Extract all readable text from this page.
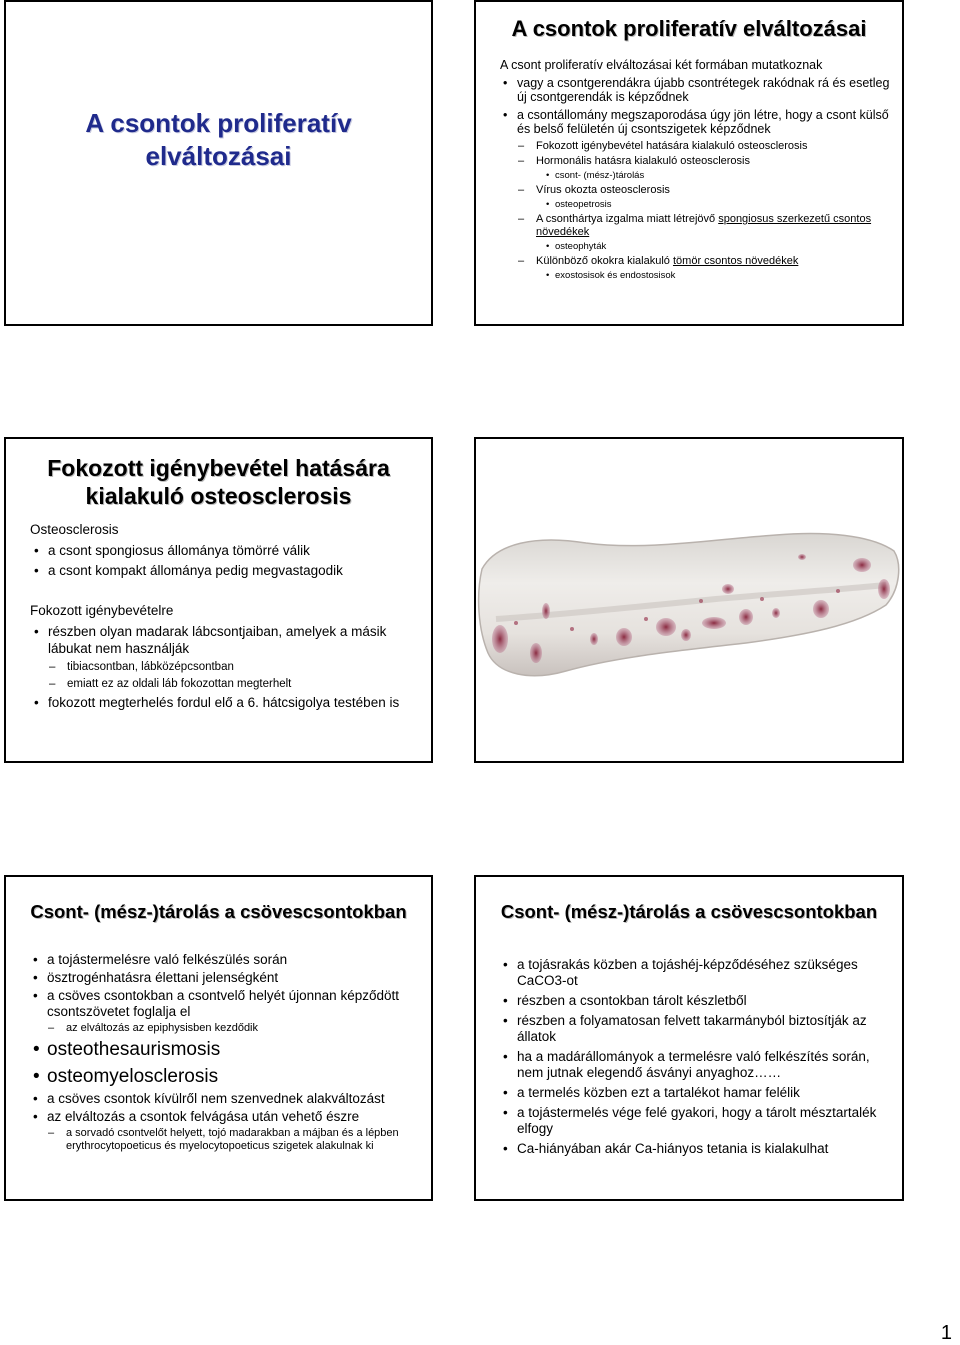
A csontok proliferatív elváltozásai
A csontok proliferatív elváltozásai
A csont proliferatív elváltozásai két formában mutatkoznak
• vagy a csontgerendákra újabb csontrétegek rakódnak rá és esetleg új csontgerendák is képződnek
• a csontállomány megszaporodása úgy jön létre, hogy a csont külső és belső felületén új csontszigetek képződnek
– Fokozott igénybevétel hatására kialakuló osteosclerosis
– Hormonális hatásra kialakuló osteosclerosis
• csont- (mész-)tárolás
– Vírus okozta osteosclerosis
• osteopetrosis
– A csonthártya izgalma miatt létrejövő spongiosus szerkezetű csontos növedékek
• osteophyták
– Különböző okokra kialakuló tömör csontos növedékek
• exostosisok és endostosisok
Fokozott igénybevétel hatására kialakuló osteosclerosis
Osteosclerosis
• a csont spongiosus állománya tömörré válik
• a csont kompakt állománya pedig megvastagodik
Fokozott igénybevételre
• részben olyan madarak lábcsontjaiban, amelyek a másik lábukat nem használják
– tibiacsontban, lábközépcsontban
– emiatt ez az oldali láb fokozottan megterhelt
• fokozott megterhelés fordul elő a 6. hátcsigolya testében is
Csont- (mész-)tárolás a csövescsontokban
• a tojástermelésre való felkészülés során
• ösztrogénhatásra élettani jelenségként
• a csöves csontokban a csontvelő helyét újonnan képződött csontszövetet foglalja el
– az elváltozás az epiphysisben kezdődik
• osteothesaurismosis
• osteomyelosclerosis
• a csöves csontok kívülről nem szenvednek alakváltozást
• az elváltozás a csontok felvágása után vehető észre
– a sorvadó csontvelőt helyett, tojó madarakban a májban és a lépben erythrocytopoeticus és myelocytopoeticus szigetek alakulnak ki
Csont- (mész-)tárolás a csövescsontokban
• a tojásrakás közben a tojáshéj-képződéséhez szükséges CaCO3-ot
• részben a csontokban tárolt készletből
• részben a folyamatosan felvett takarmányból biztosítják az állatok
• ha a madárállományok a termelésre való felkészítés során, nem jutnak elegendő ásványi anyaghoz……
• a termelés közben ezt a tartalékot hamar felélik
• a tojástermelés vége felé gyakori, hogy a tárolt mésztartalék elfogy
• Ca-hiányában akár Ca-hiányos tetania is kialakulhat
1
